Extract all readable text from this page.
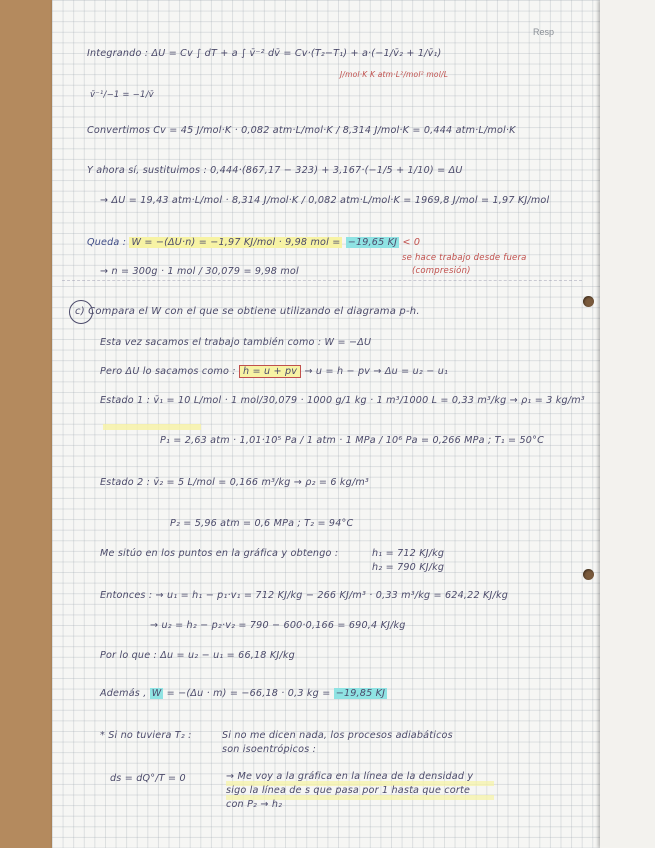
Resp
Integrando : ΔU = Cv ∫ dT + a ∫ v̄⁻² dv̄ = Cv·(T₂−T₁) + a·(−1/v̄₂ + 1/v̄₁)
J/mol·K K atm·L²/mol² mol/L
v̄⁻¹/−1 = −1/v̄
Convertimos Cv = 45 J/mol·K · 0,082 atm·L/mol·K / 8,314 J/mol·K = 0,444 atm·L/mol·K
Y ahora sí, sustituimos : 0,444·(867,17 − 323) + 3,167·(−1/5 + 1/10) = ΔU
→ ΔU = 19,43 atm·L/mol · 8,314 J/mol·K / 0,082 atm·L/mol·K = 1969,8 J/mol = 1,97 KJ/mol
Queda : W = −(ΔU·n) = −1,97 KJ/mol · 9,98 mol = −19,65 KJ < 0
se hace trabajo desde fuera
(compresión)
→ n = 300g · 1 mol / 30,079 = 9,98 mol
c) Compara el W con el que se obtiene utilizando el diagrama p-h.
Esta vez sacamos el trabajo también como : W = −ΔU
Pero ΔU lo sacamos como : h = u + pv → u = h − pv → Δu = u₂ − u₁
Estado 1 : v̄₁ = 10 L/mol · 1 mol/30,079 · 1000 g/1 kg · 1 m³/1000 L = 0,33 m³/kg → ρ₁ = 3 kg/m³
P₁ = 2,63 atm · 1,01·10⁵ Pa / 1 atm · 1 MPa / 10⁶ Pa = 0,266 MPa ; T₁ = 50°C
Estado 2 : v̄₂ = 5 L/mol = 0,166 m³/kg → ρ₂ = 6 kg/m³
P₂ = 5,96 atm = 0,6 MPa ; T₂ = 94°C
Me sitúo en los puntos en la gráfica y obtengo :	h₁ = 712 KJ/kg
h₂ = 790 KJ/kg
Entonces : → u₁ = h₁ − p₁·v₁ = 712 KJ/kg − 266 KJ/m³ · 0,33 m³/kg = 624,22 KJ/kg
→ u₂ = h₂ − p₂·v₂ = 790 − 600·0,166 = 690,4 KJ/kg
Por lo que : Δu = u₂ − u₁ = 66,18 KJ/kg
Además , W = −(Δu · m) = −66,18 · 0,3 kg = −19,85 KJ
* Si no tuviera T₂ :	Si no me dicen nada, los procesos adiabáticos
son isoentrópicos :
ds = dQ°/T = 0	→ Me voy a la gráfica en la línea de la densidad y
sigo la línea de s que pasa por 1 hasta que corte
con P₂ → h₂
